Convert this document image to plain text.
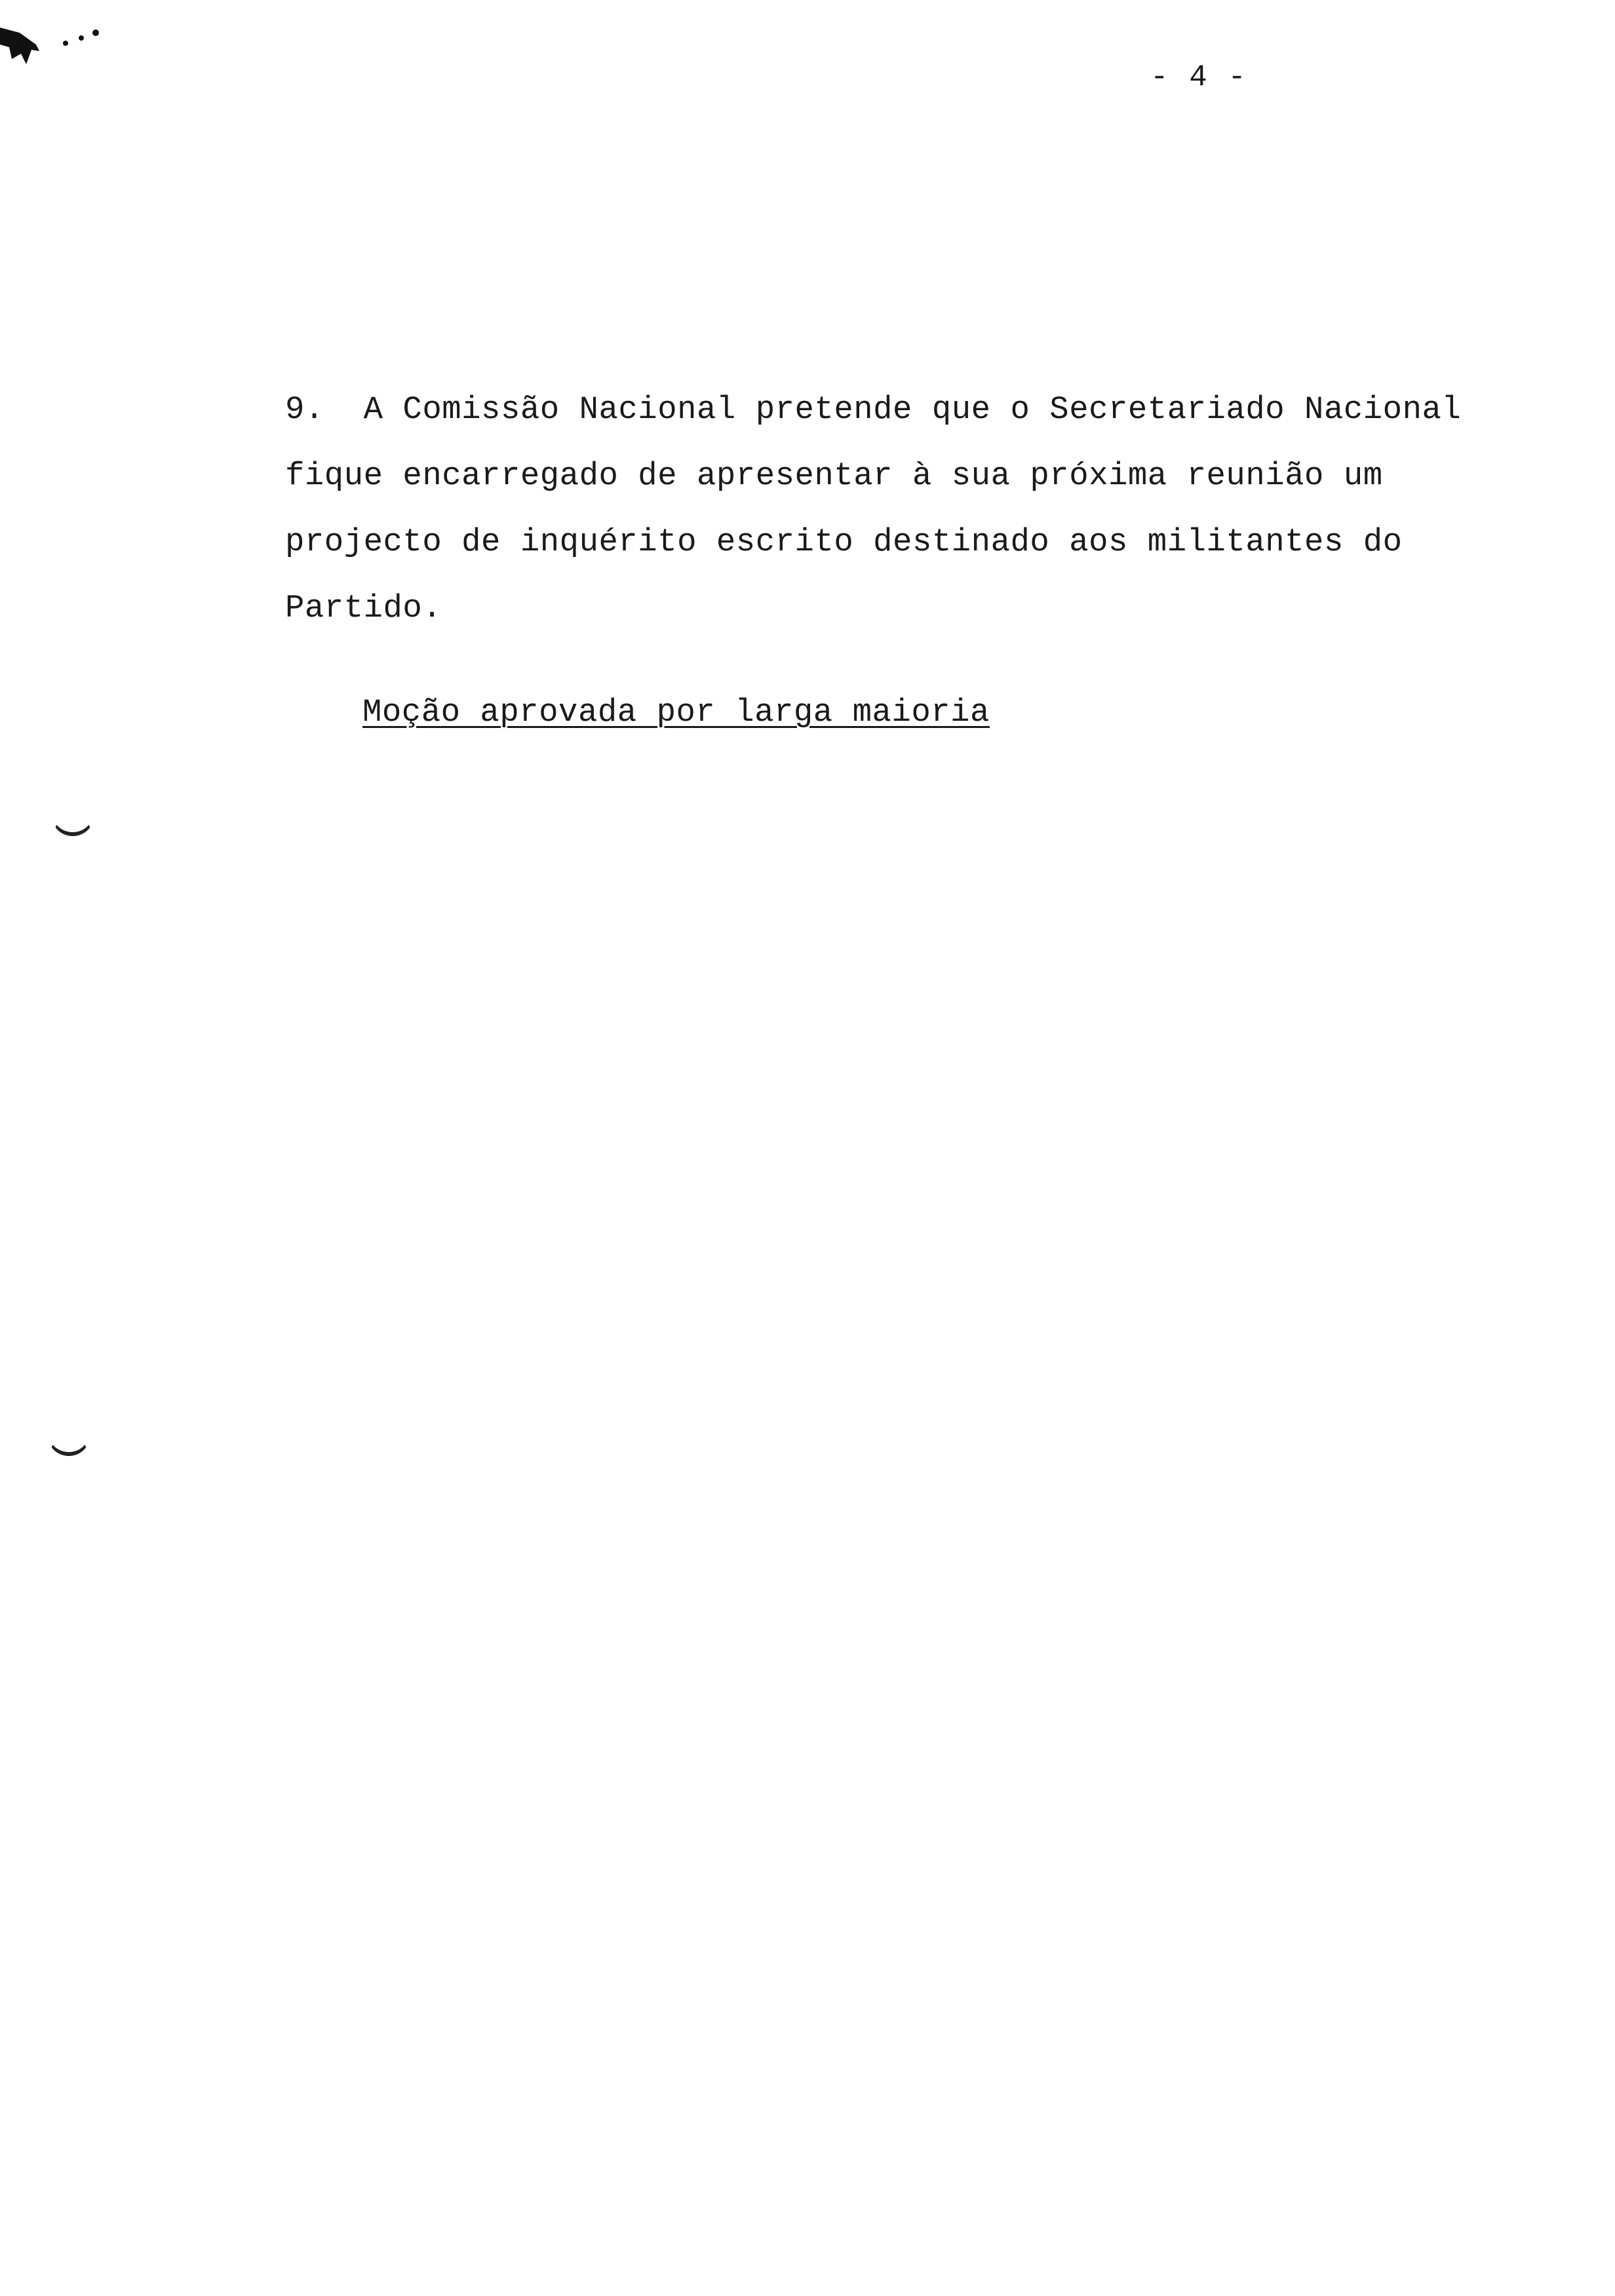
- 4 -
9.  A Comissão Nacional pretende que o Secretariado Nacional
fique encarregado de apresentar à sua próxima reunião um
projecto de inquérito escrito destinado aos militantes do
Partido.
Moção aprovada por larga maioria
